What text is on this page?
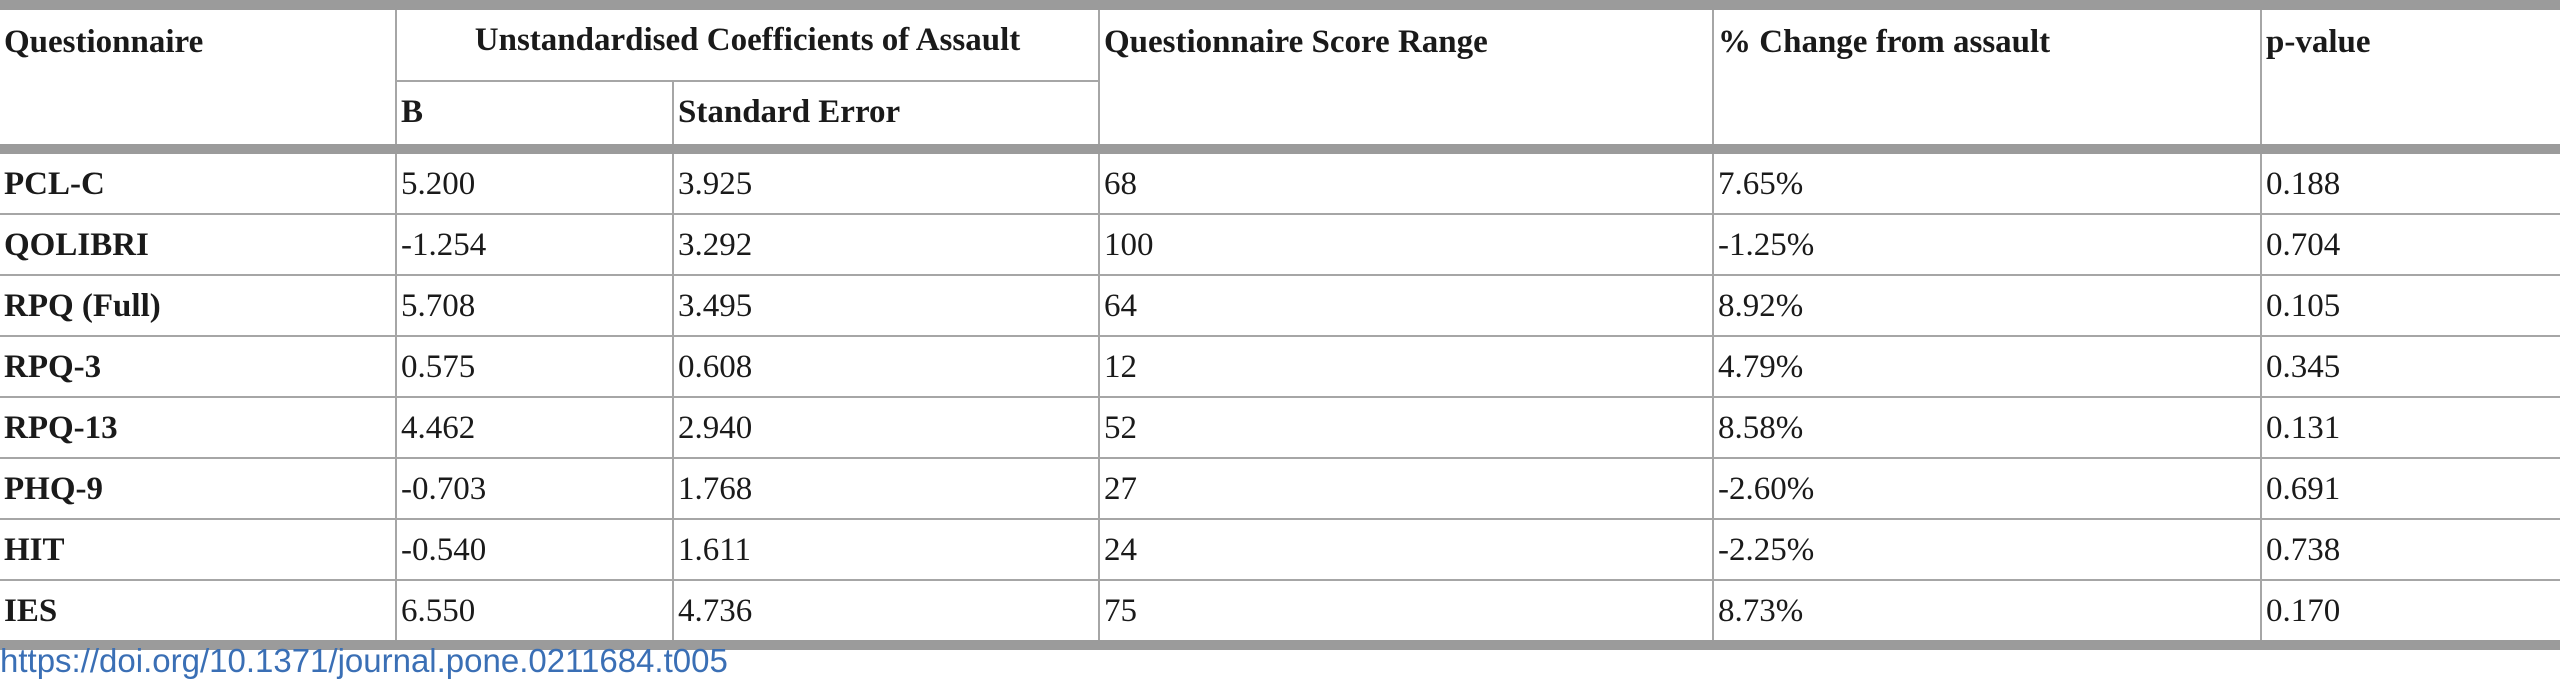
Questionnaire	Unstandardised Coefficients of Assault		Questionnaire Score Range	% Change from assault	p-value
	B	Standard Error			
PCL-C	5.200	3.925	68	7.65%	0.188
QOLIBRI	-1.254	3.292	100	-1.25%	0.704
RPQ (Full)	5.708	3.495	64	8.92%	0.105
RPQ-3	0.575	0.608	12	4.79%	0.345
RPQ-13	4.462	2.940	52	8.58%	0.131
PHQ-9	-0.703	1.768	27	-2.60%	0.691
HIT	-0.540	1.611	24	-2.25%	0.738
IES	6.550	4.736	75	8.73%	0.170
https://doi.org/10.1371/journal.pone.0211684.t005
